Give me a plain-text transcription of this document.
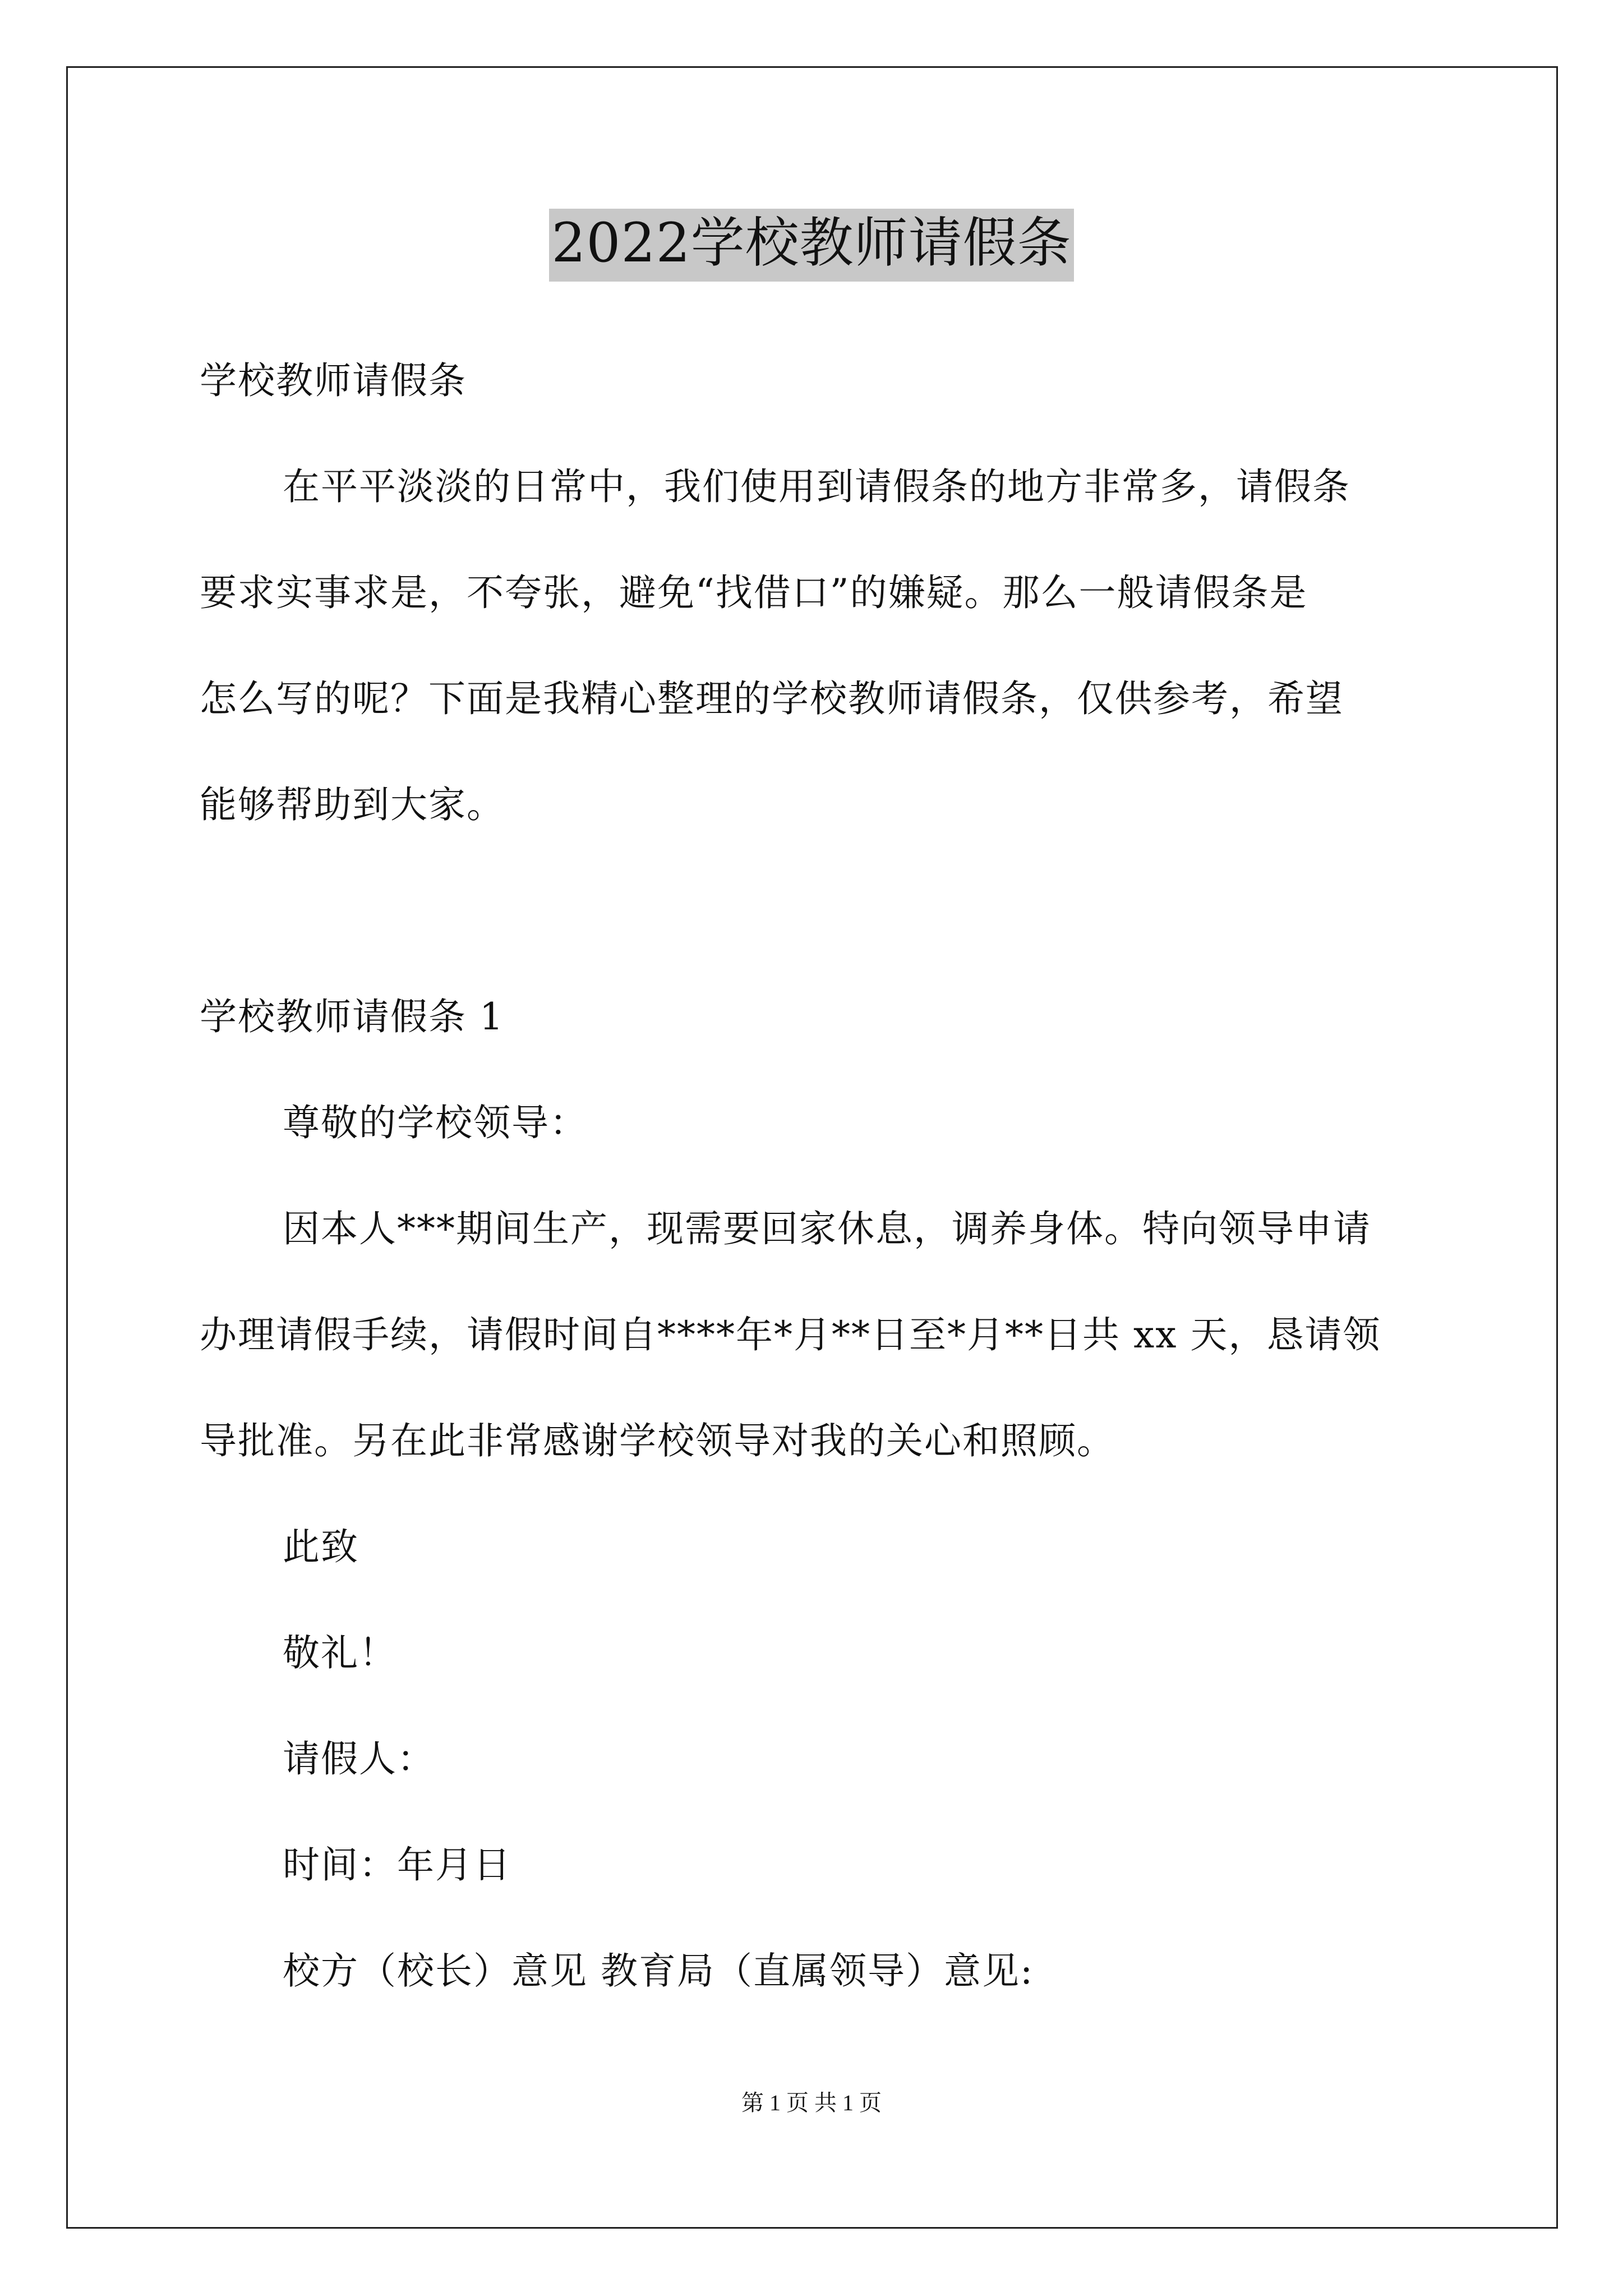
2022学校教师请假条
学校教师请假条
在平平淡淡的日常中，我们使用到请假条的地方非常多，请假条
要求实事求是，不夸张，避免“找借口”的嫌疑。那么一般请假条是
怎么写的呢？下面是我精心整理的学校教师请假条，仅供参考，希望
能够帮助到大家。
学校教师请假条 1
尊敬的学校领导：
因本人***期间生产，现需要回家休息，调养身体。特向领导申请
办理请假手续，请假时间自****年*月**日至*月**日共 xx 天，恳请领
导批准。另在此非常感谢学校领导对我的关心和照顾。
此致
敬礼！
请假人：
时间：年月日
校方（校长）意见 教育局（直属领导）意见:
第 1 页 共 1 页
